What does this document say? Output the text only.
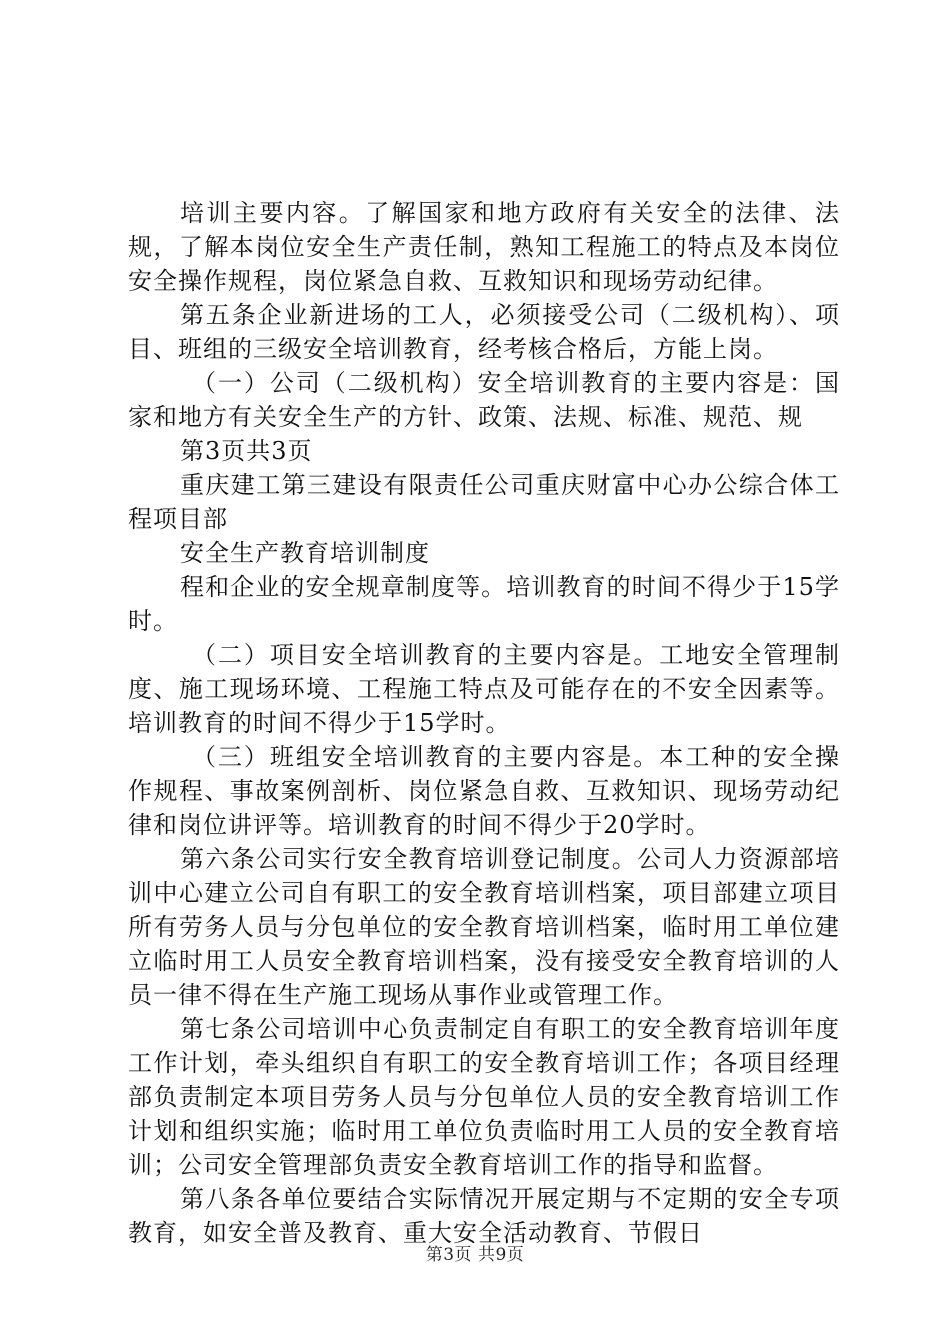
培训主要内容。了解国家和地方政府有关安全的法律、法规，了解本岗位安全生产责任制，熟知工程施工的特点及本岗位安全操作规程，岗位紧急自救、互救知识和现场劳动纪律。

第五条企业新进场的工人，必须接受公司（二级机构）、项目、班组的三级安全培训教育，经考核合格后，方能上岗。

（一）公司（二级机构）安全培训教育的主要内容是：国家和地方有关安全生产的方针、政策、法规、标准、规范、规

第3页共3页

重庆建工第三建设有限责任公司重庆财富中心办公综合体工程项目部

安全生产教育培训制度

程和企业的安全规章制度等。培训教育的时间不得少于15学时。

（二）项目安全培训教育的主要内容是。工地安全管理制度、施工现场环境、工程施工特点及可能存在的不安全因素等。培训教育的时间不得少于15学时。

（三）班组安全培训教育的主要内容是。本工种的安全操作规程、事故案例剖析、岗位紧急自救、互救知识、现场劳动纪律和岗位讲评等。培训教育的时间不得少于20学时。

第六条公司实行安全教育培训登记制度。公司人力资源部培训中心建立公司自有职工的安全教育培训档案，项目部建立项目所有劳务人员与分包单位的安全教育培训档案，临时用工单位建立临时用工人员安全教育培训档案，没有接受安全教育培训的人员一律不得在生产施工现场从事作业或管理工作。

第七条公司培训中心负责制定自有职工的安全教育培训年度工作计划，牵头组织自有职工的安全教育培训工作；各项目经理部负责制定本项目劳务人员与分包单位人员的安全教育培训工作计划和组织实施；临时用工单位负责临时用工人员的安全教育培训；公司安全管理部负责安全教育培训工作的指导和监督。

第八条各单位要结合实际情况开展定期与不定期的安全专项教育，如安全普及教育、重大安全活动教育、节假日

第3页 共9页
